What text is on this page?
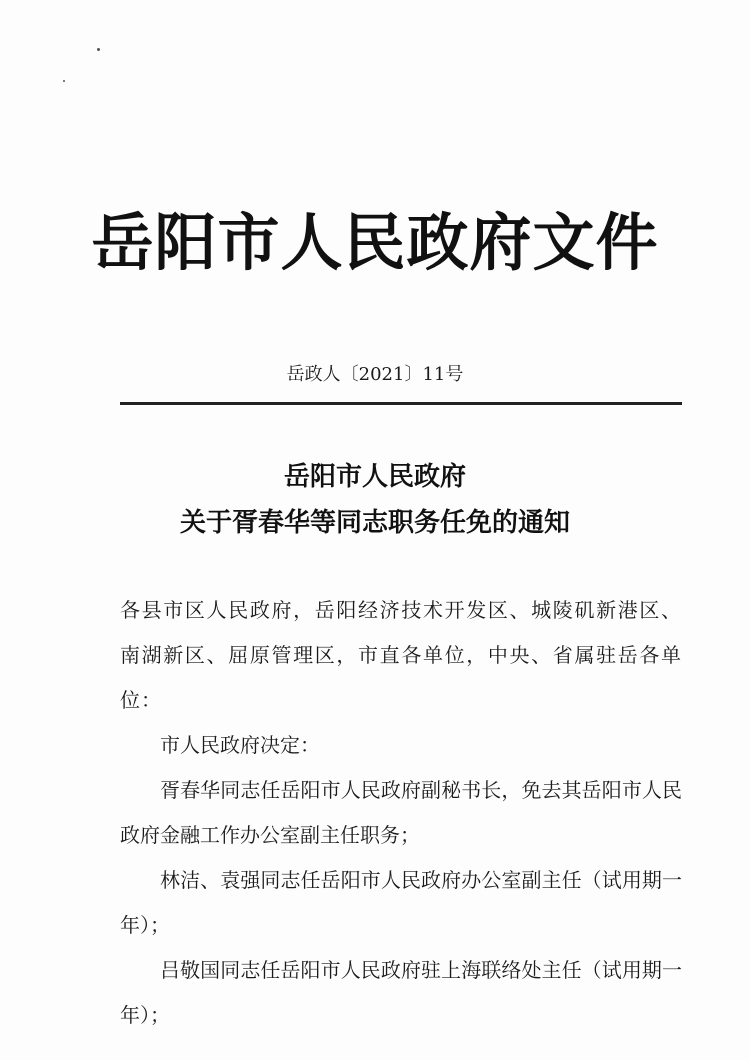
岳阳市人民政府文件
岳政人〔2021〕11号
岳阳市人民政府
关于胥春华等同志职务任免的通知

各县市区人民政府，岳阳经济技术开发区、城陵矶新港区、南湖新区、屈原管理区，市直各单位，中央、省属驻岳各单位：

市人民政府决定：

胥春华同志任岳阳市人民政府副秘书长，免去其岳阳市人民政府金融工作办公室副主任职务；

林洁、袁强同志任岳阳市人民政府办公室副主任（试用期一年）；

吕敬国同志任岳阳市人民政府驻上海联络处主任（试用期一年）；
